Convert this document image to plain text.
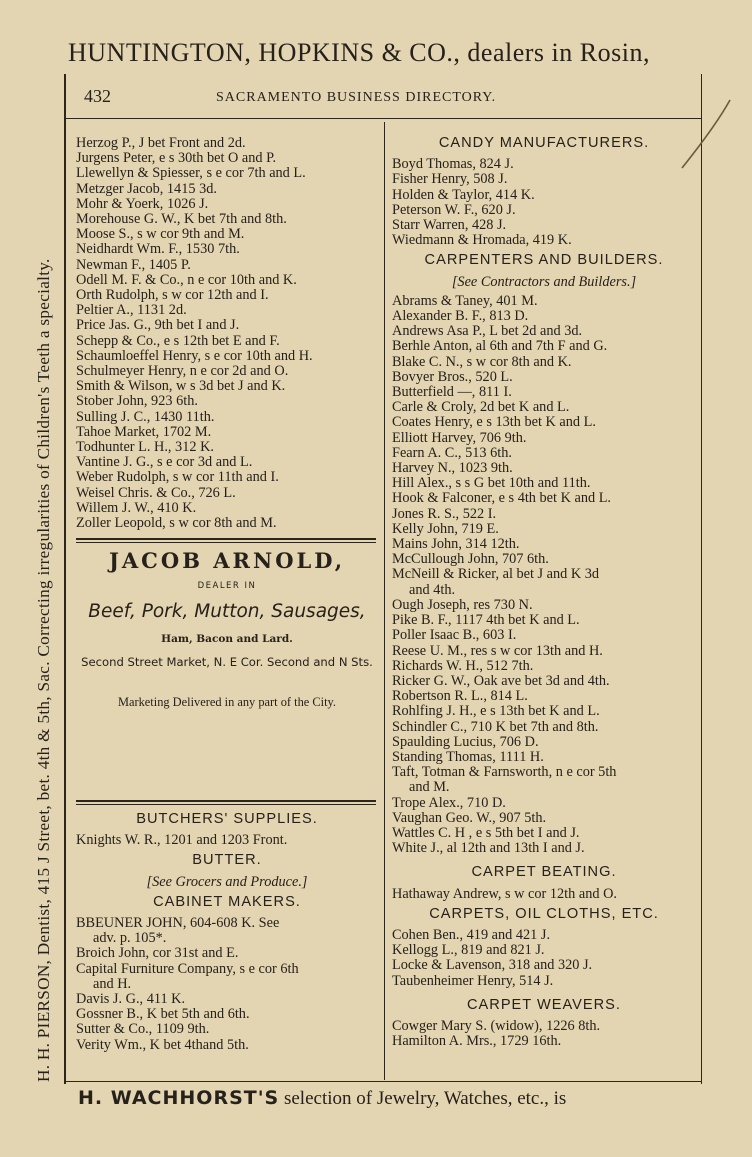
HUNTINGTON, HOPKINS & CO., dealers in Rosin,
H. H. PIERSON, Dentist, 415 J Street, bet. 4th & 5th, Sac. Correcting irregularities of Children's Teeth a specialty.
432	SACRAMENTO BUSINESS DIRECTORY.
Herzog P., J bet Front and 2d.
Jurgens Peter, e s 30th bet O and P.
Llewellyn & Spiesser, s e cor 7th and L.
Metzger Jacob, 1415 3d.
Mohr & Yoerk, 1026 J.
Morehouse G. W., K bet 7th and 8th.
Moose S., s w cor 9th and M.
Neidhardt Wm. F., 1530 7th.
Newman F., 1405 P.
Odell M. F. & Co., n e cor 10th and K.
Orth Rudolph, s w cor 12th and I.
Peltier A., 1131 2d.
Price Jas. G., 9th bet I and J.
Schepp & Co., e s 12th bet E and F.
Schaumloeffel Henry, s e cor 10th and H.
Schulmeyer Henry, n e cor 2d and O.
Smith & Wilson, w s 3d bet J and K.
Stober John, 923 6th.
Sulling J. C., 1430 11th.
Tahoe Market, 1702 M.
Todhunter L. H., 312 K.
Vantine J. G., s e cor 3d and L.
Weber Rudolph, s w cor 11th and I.
Weisel Chris. & Co., 726 L.
Willem J. W., 410 K.
Zoller Leopold, s w cor 8th and M.
JACOB ARNOLD,
DEALER IN
Beef, Pork, Mutton, Sausages,
Ham, Bacon and Lard.
Second Street Market, N. E Cor. Second and N Sts.
Marketing Delivered in any part of the City.
BUTCHERS' SUPPLIES.
Knights W. R., 1201 and 1203 Front.
BUTTER.
[See Grocers and Produce.]
CABINET MAKERS.
BBEUNER JOHN, 604-608 K. See
adv. p. 105*.
Broich John, cor 31st and E.
Capital Furniture Company, s e cor 6th
and H.
Davis J. G., 411 K.
Gossner B., K bet 5th and 6th.
Sutter & Co., 1109 9th.
Verity Wm., K bet 4thand 5th.
CANDY MANUFACTURERS.
Boyd Thomas, 824 J.
Fisher Henry, 508 J.
Holden & Taylor, 414 K.
Peterson W. F., 620 J.
Starr Warren, 428 J.
Wiedmann & Hromada, 419 K.
CARPENTERS AND BUILDERS.
[See Contractors and Builders.]
Abrams & Taney, 401 M.
Alexander B. F., 813 D.
Andrews Asa P., L bet 2d and 3d.
Berhle Anton, al 6th and 7th F and G.
Blake C. N., s w cor 8th and K.
Bovyer Bros., 520 L.
Butterfield —, 811 I.
Carle & Croly, 2d bet K and L.
Coates Henry, e s 13th bet K and L.
Elliott Harvey, 706 9th.
Fearn A. C., 513 6th.
Harvey N., 1023 9th.
Hill Alex., s s G bet 10th and 11th.
Hook & Falconer, e s 4th bet K and L.
Jones R. S., 522 I.
Kelly John, 719 E.
Mains John, 314 12th.
McCullough John, 707 6th.
McNeill & Ricker, al bet J and K 3d
and 4th.
Ough Joseph, res 730 N.
Pike B. F., 1117 4th bet K and L.
Poller Isaac B., 603 I.
Reese U. M., res s w cor 13th and H.
Richards W. H., 512 7th.
Ricker G. W., Oak ave bet 3d and 4th.
Robertson R. L., 814 L.
Rohlfing J. H., e s 13th bet K and L.
Schindler C., 710 K bet 7th and 8th.
Spaulding Lucius, 706 D.
Standing Thomas, 1111 H.
Taft, Totman & Farnsworth, n e cor 5th
and M.
Trope Alex., 710 D.
Vaughan Geo. W., 907 5th.
Wattles C. H , e s 5th bet I and J.
White J., al 12th and 13th I and J.
CARPET BEATING.
Hathaway Andrew, s w cor 12th and O.
CARPETS, OIL CLOTHS, ETC.
Cohen Ben., 419 and 421 J.
Kellogg L., 819 and 821 J.
Locke & Lavenson, 318 and 320 J.
Taubenheimer Henry, 514 J.
CARPET WEAVERS.
Cowger Mary S. (widow), 1226 8th.
Hamilton A. Mrs., 1729 16th.
H. WACHHORST'S selection of Jewelry, Watches, etc., is
